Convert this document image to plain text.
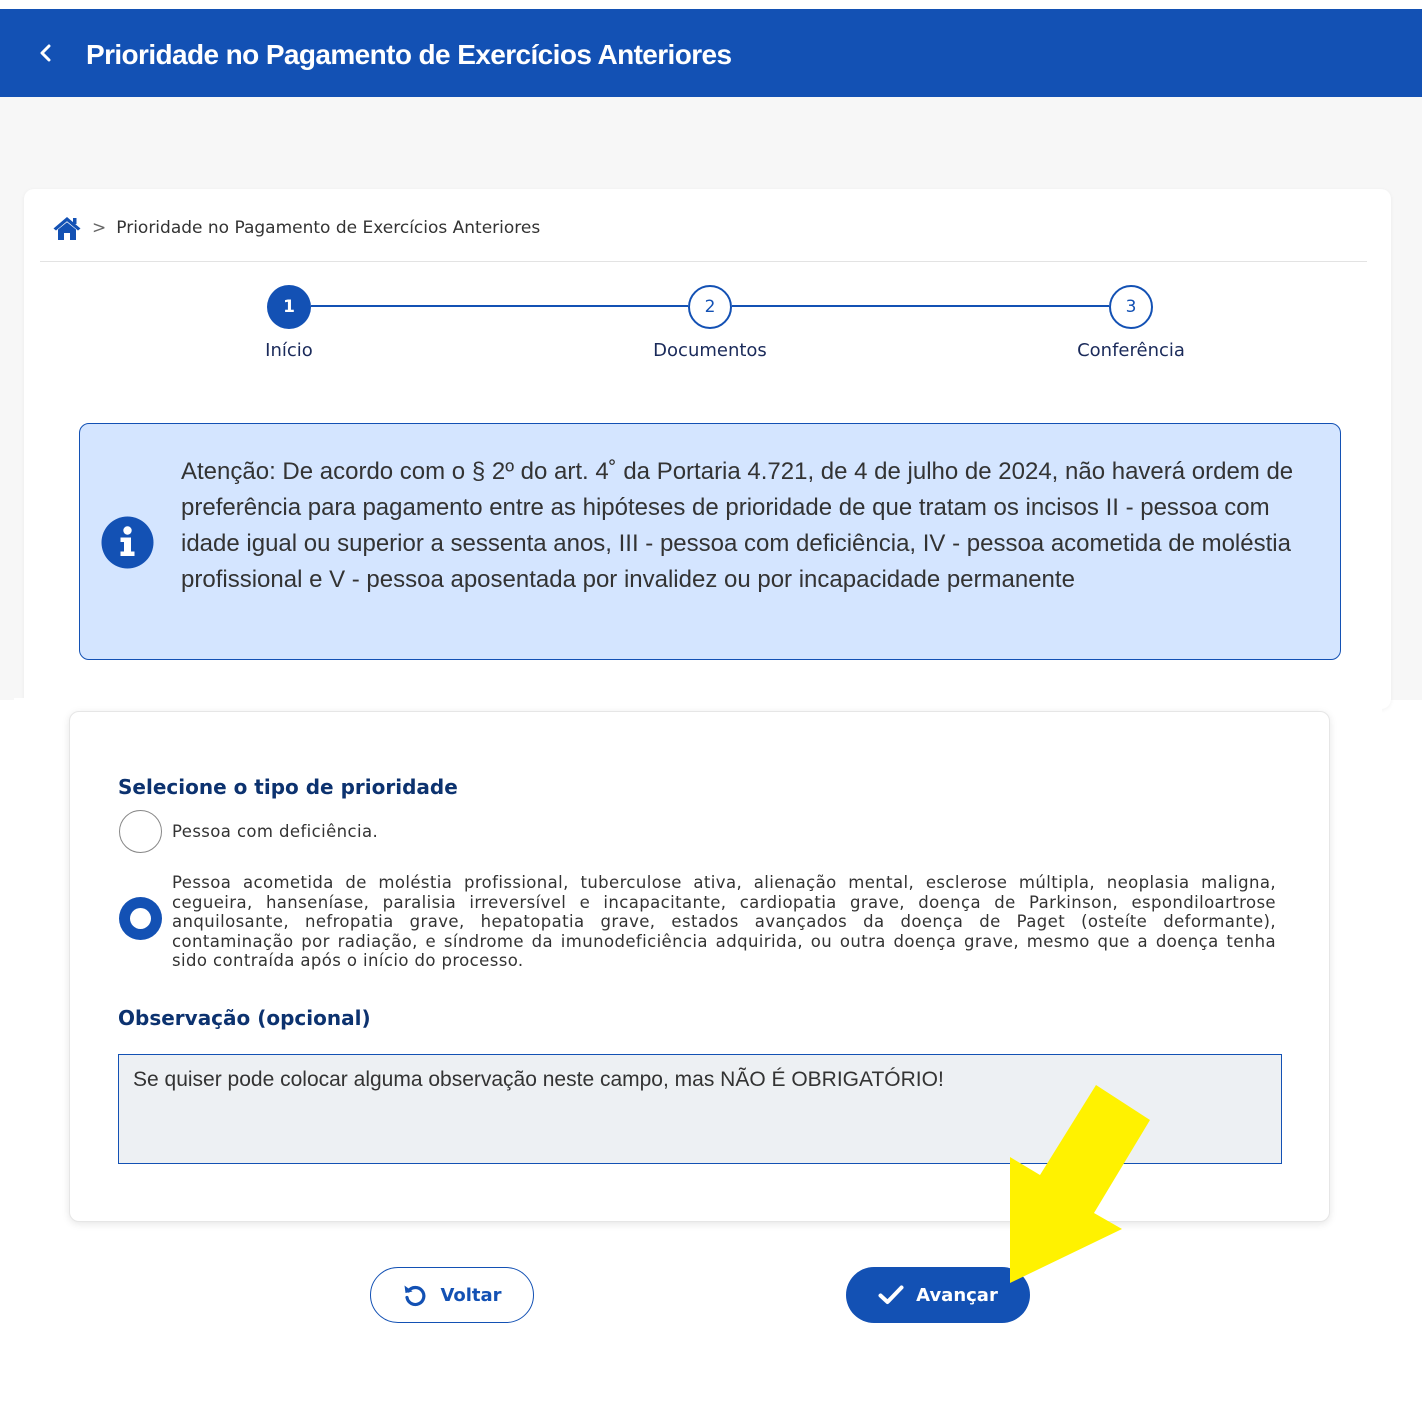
Prioridade no Pagamento de Exercícios Anteriores
> Prioridade no Pagamento de Exercícios Anteriores
1	2	3
Início	Documentos	Conferência
Atenção: De acordo com o § 2º do art. 4˚ da Portaria 4.721, de 4 de julho de 2024, não haverá ordem de preferência para pagamento entre as hipóteses de prioridade de que tratam os incisos II - pessoa com idade igual ou superior a sessenta anos, III - pessoa com deficiência, IV - pessoa acometida de moléstia profissional e V - pessoa aposentada por invalidez ou por incapacidade permanente
Selecione o tipo de prioridade
Pessoa com deficiência.
Pessoa acometida de moléstia profissional, tuberculose ativa, alienação mental, esclerose múltipla, neoplasia maligna, cegueira, hanseníase, paralisia irreversível e incapacitante, cardiopatia grave, doença de Parkinson, espondiloartrose anquilosante, nefropatia grave, hepatopatia grave, estados avançados da doença de Paget (osteíte deformante), contaminação por radiação, e síndrome da imunodeficiência adquirida, ou outra doença grave, mesmo que a doença tenha sido contraída após o início do processo.
Observação (opcional)
Se quiser pode colocar alguma observação neste campo, mas NÃO É OBRIGATÓRIO!
Voltar	Avançar
